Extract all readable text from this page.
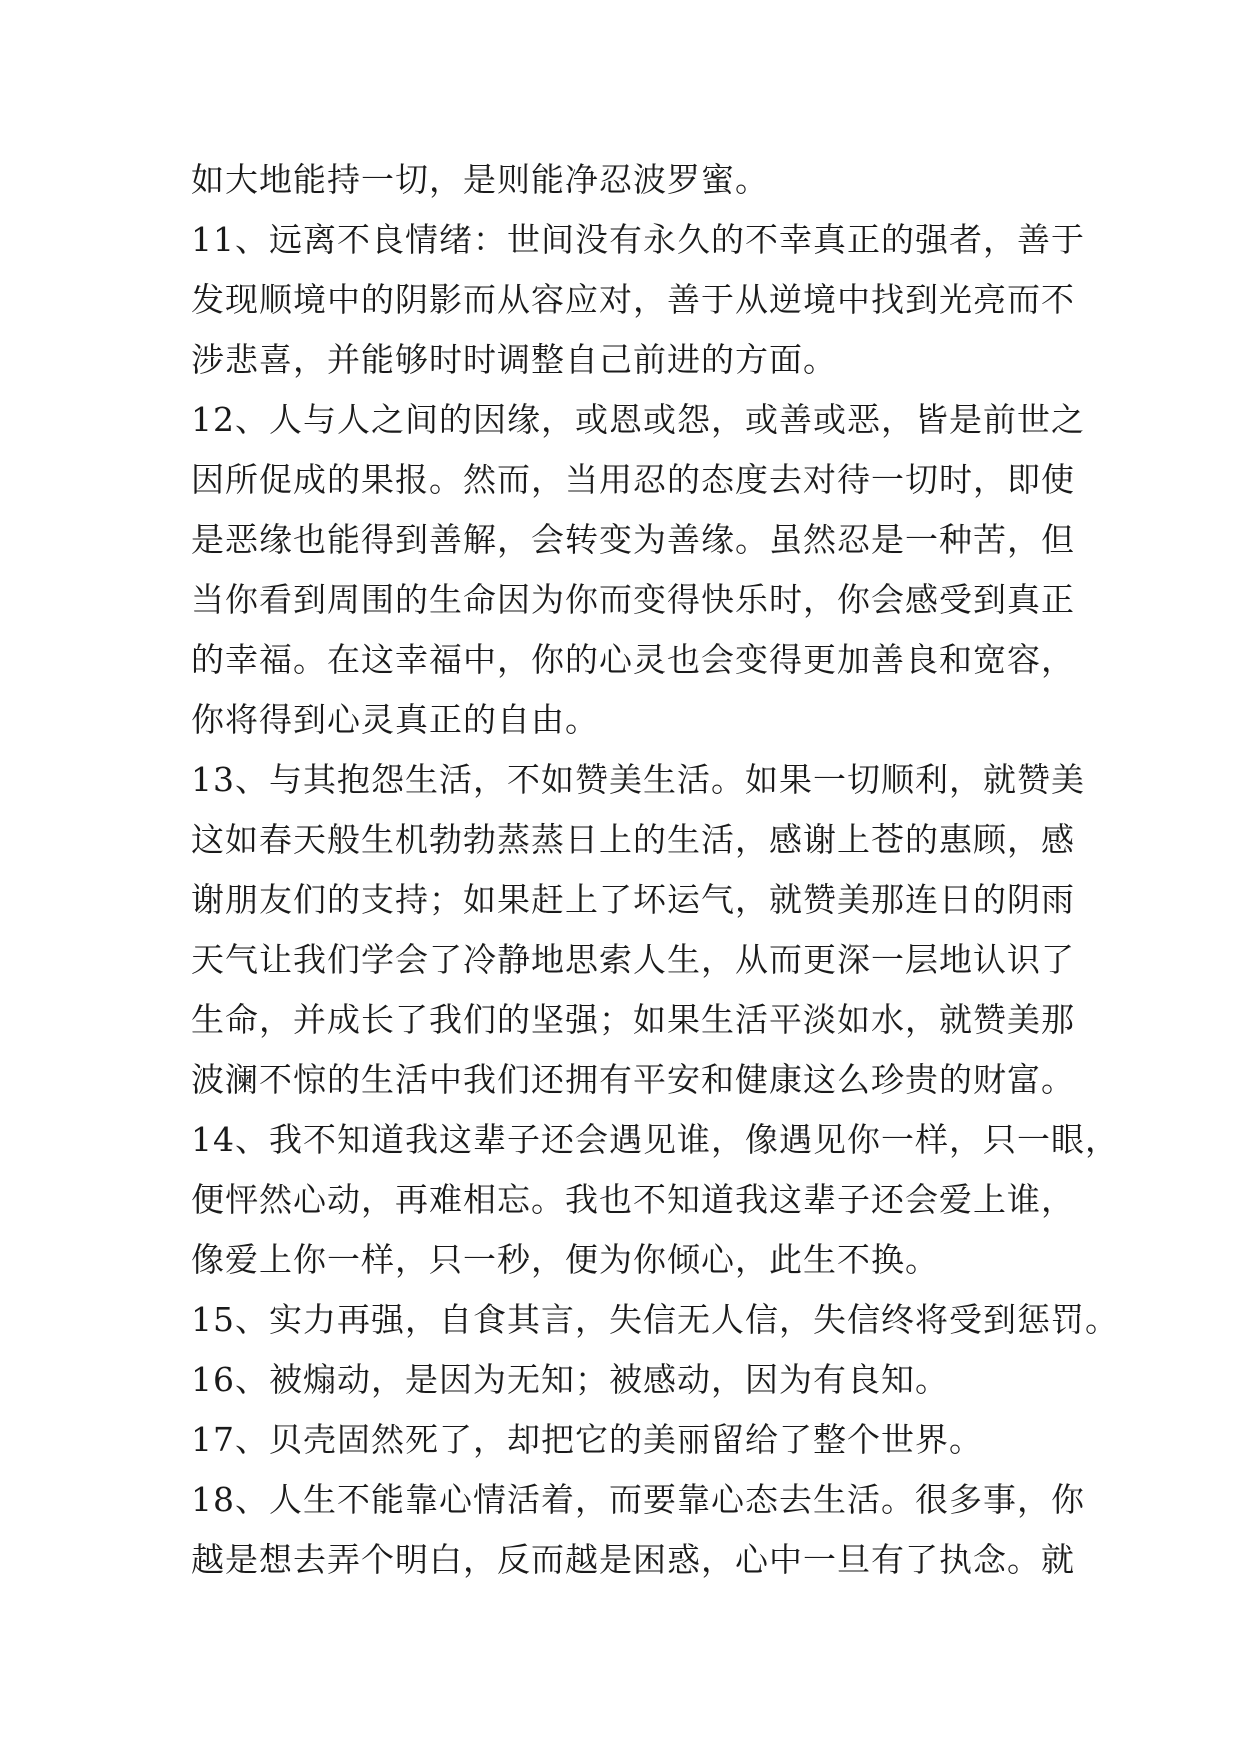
如大地能持一切，是则能净忍波罗蜜。
11、远离不良情绪：世间没有永久的不幸真正的强者，善于
发现顺境中的阴影而从容应对，善于从逆境中找到光亮而不
涉悲喜，并能够时时调整自己前进的方面。
12、人与人之间的因缘，或恩或怨，或善或恶，皆是前世之
因所促成的果报。然而，当用忍的态度去对待一切时，即使
是恶缘也能得到善解，会转变为善缘。虽然忍是一种苦，但
当你看到周围的生命因为你而变得快乐时，你会感受到真正
的幸福。在这幸福中，你的心灵也会变得更加善良和宽容，
你将得到心灵真正的自由。
13、与其抱怨生活，不如赞美生活。如果一切顺利，就赞美
这如春天般生机勃勃蒸蒸日上的生活，感谢上苍的惠顾，感
谢朋友们的支持；如果赶上了坏运气，就赞美那连日的阴雨
天气让我们学会了冷静地思索人生，从而更深一层地认识了
生命，并成长了我们的坚强；如果生活平淡如水，就赞美那
波澜不惊的生活中我们还拥有平安和健康这么珍贵的财富。
14、我不知道我这辈子还会遇见谁，像遇见你一样，只一眼，
便怦然心动，再难相忘。我也不知道我这辈子还会爱上谁，
像爱上你一样，只一秒，便为你倾心，此生不换。
15、实力再强，自食其言，失信无人信，失信终将受到惩罚。
16、被煽动，是因为无知；被感动，因为有良知。
17、贝壳固然死了，却把它的美丽留给了整个世界。
18、人生不能靠心情活着，而要靠心态去生活。很多事，你
越是想去弄个明白，反而越是困惑，心中一旦有了执念。就
